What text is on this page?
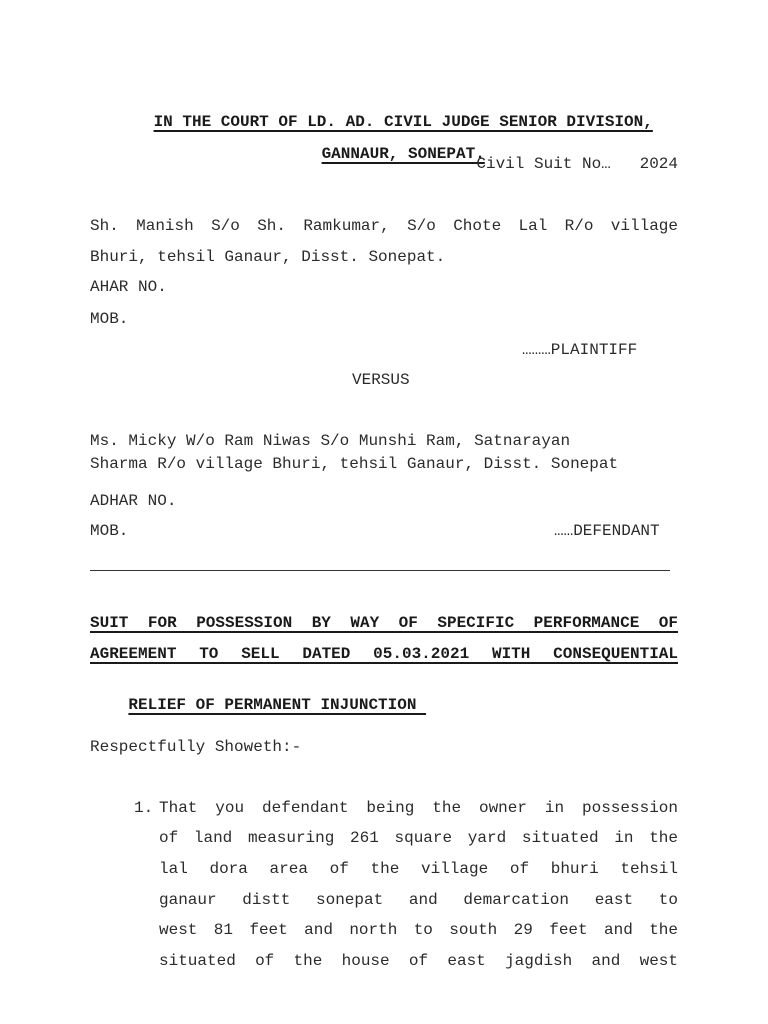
IN THE COURT OF LD. AD. CIVIL JUDGE SENIOR DIVISION,

GANNAUR, SONEPAT.

Civil Suit No…   2024
Sh. Manish S/o Sh. Ramkumar, S/o Chote Lal R/o village
Bhuri, tehsil Ganaur, Disst. Sonepat.
AHAR NO.
MOB.
………PLAINTIFF
VERSUS
Ms. Micky W/o Ram Niwas S/o Munshi Ram, Satnarayan
Sharma R/o village Bhuri, tehsil Ganaur, Disst. Sonepat
ADHAR NO.
MOB.	……DEFENDANT
SUIT FOR POSSESSION BY WAY OF SPECIFIC PERFORMANCE OF
AGREEMENT TO SELL DATED 05.03.2021 WITH CONSEQUENTIAL

RELIEF OF PERMANENT INJUNCTION

Respectfully Showeth:-
1. That you defendant being the owner in possession
of land measuring 261 square yard situated in the
lal dora area of the village of bhuri tehsil
ganaur distt sonepat and demarcation east to
west 81 feet and north to south 29 feet and the
situated of the house of east jagdish and west
